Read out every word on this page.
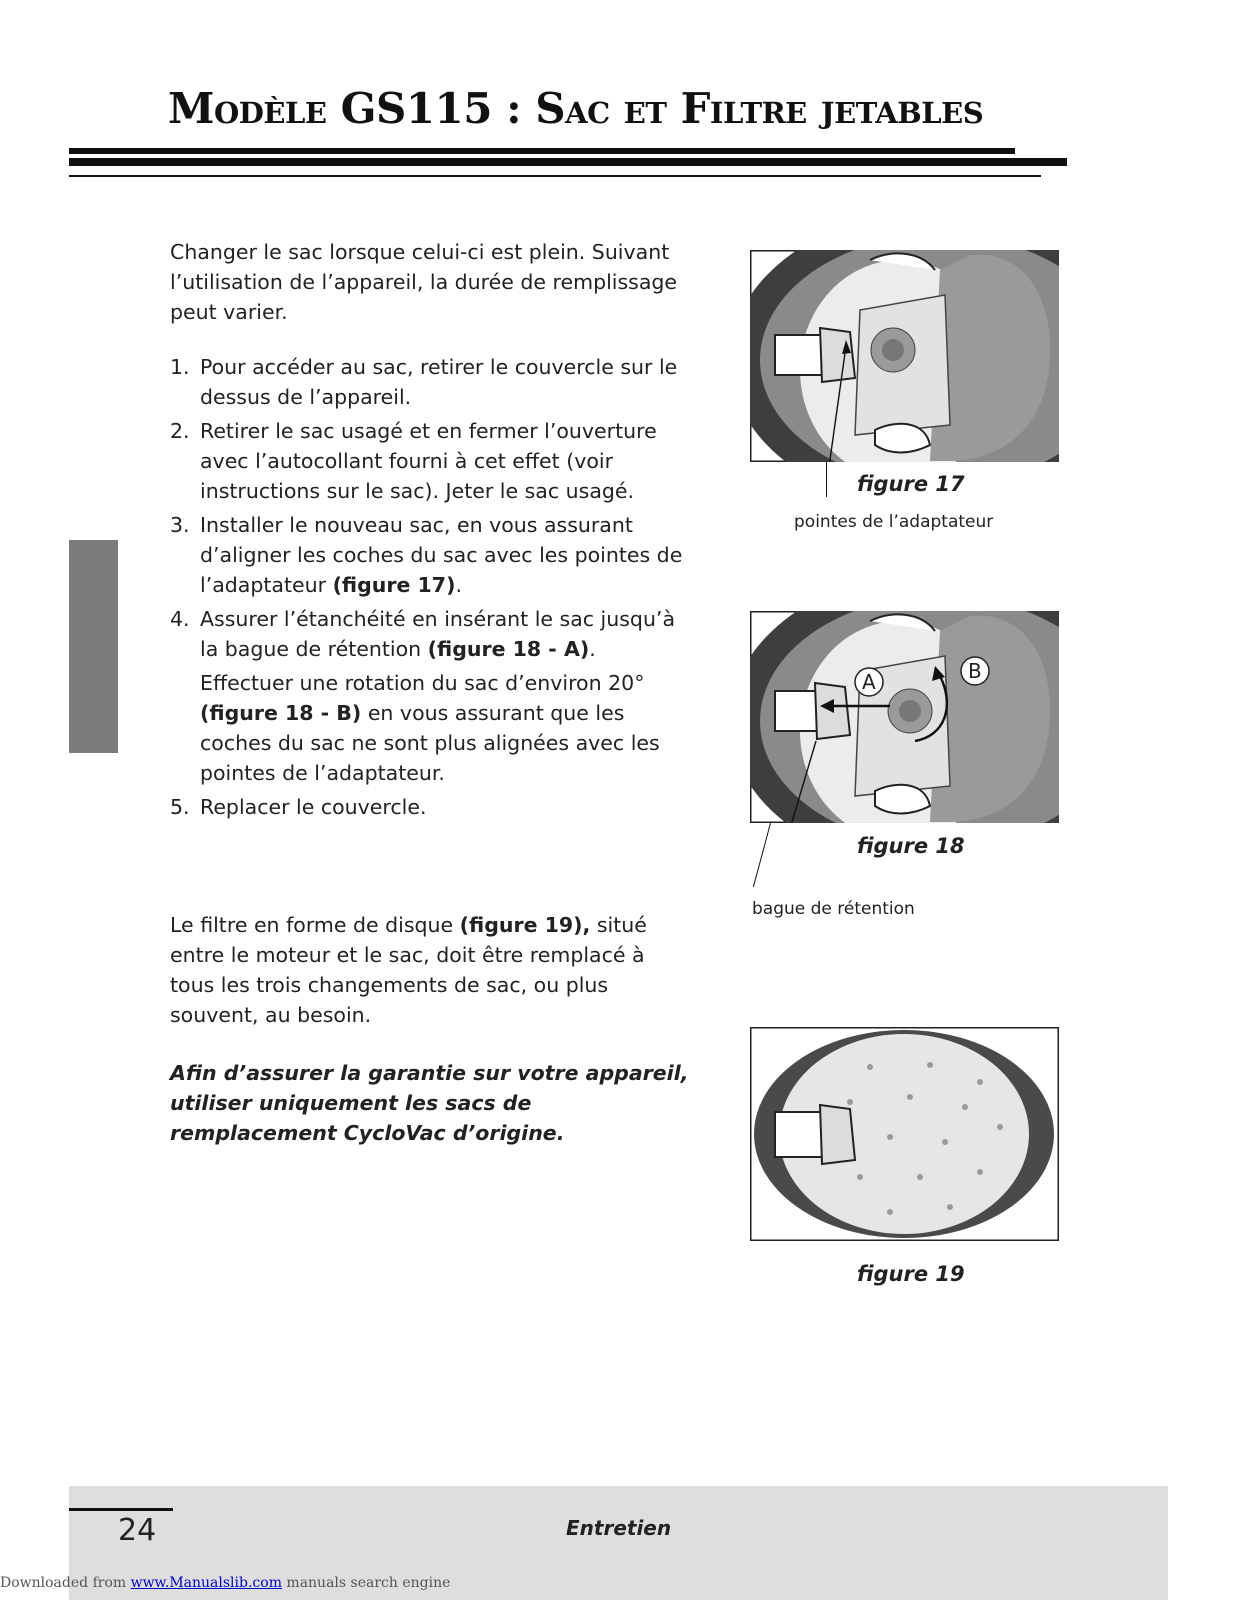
Modèle GS115 : Sac et Filtre jetables
Changer le sac lorsque celui-ci est plein. Suivant l’utilisation de l’appareil, la durée de remplissage peut varier.
1. Pour accéder au sac, retirer le couvercle sur le dessus de l’appareil.

2. Retirer le sac usagé et en fermer l’ouverture avec l’autocollant fourni à cet effet (voir instructions sur le sac). Jeter le sac usagé.

3. Installer le nouveau sac, en vous assurant d’aligner les coches du sac avec les pointes de l’adaptateur (figure 17).

4. Assurer l’étanchéité en insérant le sac jusqu’à la bague de rétention (figure 18 - A).

Effectuer une rotation du sac d’environ 20° (figure 18 - B) en vous assurant que les coches du sac ne sont plus alignées avec les pointes de l’adaptateur.

5. Replacer le couvercle.

Le filtre en forme de disque (figure 19), situé entre le moteur et le sac, doit être remplacé à tous les trois changements de sac, ou plus souvent, au besoin.
Afin d’assurer la garantie sur votre appareil, utiliser uniquement les sacs de remplacement CycloVac d’origine.
figure 17
pointes de l’adaptateur
A	B
figure 18
bague de rétention
figure 19
24	Entretien
Downloaded from www.Manualslib.com manuals search engine
